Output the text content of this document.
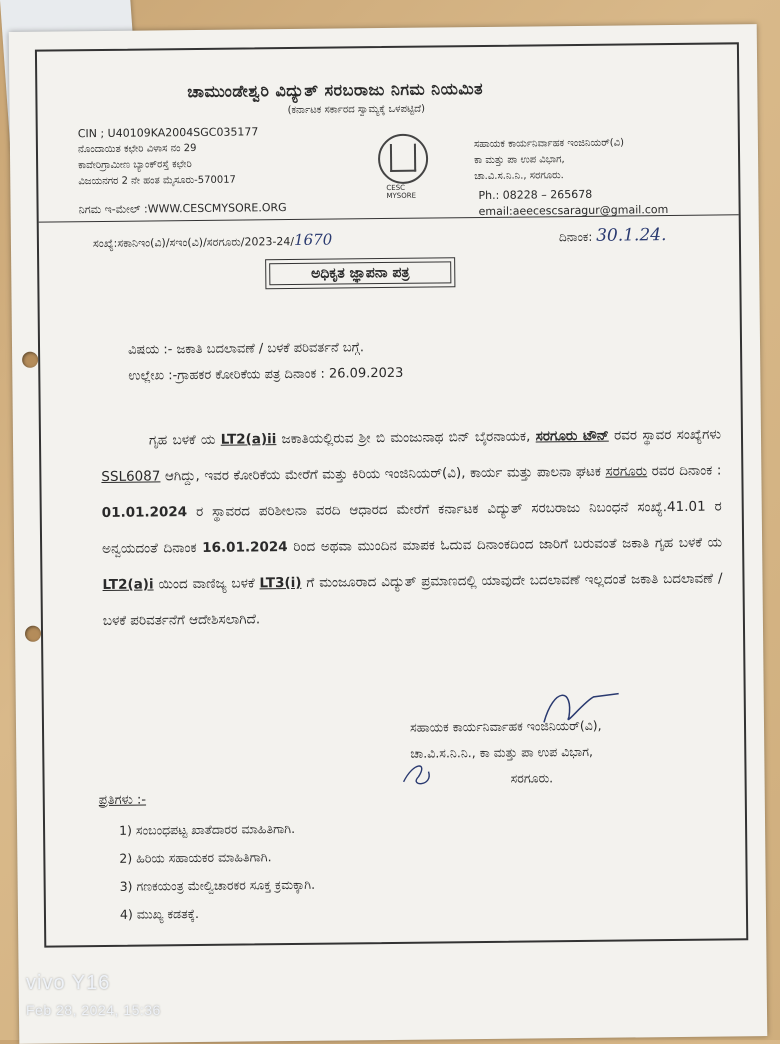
ಚಾಮುಂಡೇಶ್ವರಿ ವಿದ್ಯುತ್ ಸರಬರಾಜು ನಿಗಮ ನಿಯಮಿತ
(ಕರ್ನಾಟಕ ಸರ್ಕಾರದ ಸ್ವಾಮ್ಯಕ್ಕೆ ಒಳಪಟ್ಟಿದೆ)
CIN ; U40109KA2004SGC035177
ನೊಂದಾಯಿತ ಕಛೇರಿ ವಿಳಾಸ ನಂ 29
ಕಾವೇರಿಗ್ರಾಮೀಣ ಬ್ಯಾಂಕ್‌ರಸ್ತೆ ಕಛೇರಿ
ವಿಜಯನಗರ 2 ನೇ ಹಂತ ಮೈಸೂರು-570017
ನಿಗಮ ಇ-ಮೇಲ್ :WWW.CESCMYSORE.ORG
CESC MYSORE
ಸಹಾಯಕ ಕಾರ್ಯನಿರ್ವಾಹಕ ಇಂಜಿನಿಯರ್(ವಿ)
ಕಾ ಮತ್ತು ಪಾ ಉಪ ವಿಭಾಗ,
ಚಾ.ವಿ.ಸ.ನಿ.ನಿ., ಸರಗೂರು.
Ph.: 08228 – 265678
email:aeecescsaragur@gmail.com
ಸಂಖ್ಯೆ:ಸಕಾನಿಇಂ(ವಿ)/ಸಇಂ(ವಿ)/ಸರಗೂರು/2023-24/1670	ದಿನಾಂಕ: 30.1.24.
ಅಧಿಕೃತ ಜ್ಞಾಪನಾ ಪತ್ರ
ವಿಷಯ :- ಜಕಾತಿ ಬದಲಾವಣೆ / ಬಳಕೆ ಪರಿವರ್ತನೆ ಬಗ್ಗೆ.
ಉಲ್ಲೇಖ :-ಗ್ರಾಹಕರ ಕೋರಿಕೆಯ ಪತ್ರ ದಿನಾಂಕ : 26.09.2023
ಗೃಹ ಬಳಕೆ ಯ LT2(a)ii ಜಕಾತಿಯಲ್ಲಿರುವ ಶ್ರೀ ಬಿ ಮಂಜುನಾಥ ಬಿನ್ ಬೈರನಾಯಕ, ಸರಗೂರು ಟೌನ್ ರವರ ಸ್ಥಾವರ ಸಂಖ್ಯೆಗಳು SSL6087 ಆಗಿದ್ದು, ಇವರ ಕೋರಿಕೆಯ ಮೇರೆಗೆ ಮತ್ತು ಕಿರಿಯ ಇಂಜಿನಿಯರ್(ವಿ), ಕಾರ್ಯ ಮತ್ತು ಪಾಲನಾ ಘಟಕ ಸರಗೂರು ರವರ ದಿನಾಂಕ : 01.01.2024 ರ ಸ್ಥಾವರದ ಪರಿಶೀಲನಾ ವರದಿ ಆಧಾರದ ಮೇರೆಗೆ ಕರ್ನಾಟಕ ವಿದ್ಯುತ್ ಸರಬರಾಜು ನಿಬಂಧನೆ ಸಂಖ್ಯೆ.41.01 ರ ಅನ್ವಯದಂತೆ ದಿನಾಂಕ 16.01.2024 ರಿಂದ ಅಥವಾ ಮುಂದಿನ ಮಾಪಕ ಓದುವ ದಿನಾಂಕದಿಂದ ಜಾರಿಗೆ ಬರುವಂತೆ ಜಕಾತಿ ಗೃಹ ಬಳಕೆ ಯ LT2(a)i ಯಿಂದ ವಾಣಿಜ್ಯ ಬಳಕೆ LT3(i) ಗೆ ಮಂಜೂರಾದ ವಿದ್ಯುತ್ ಪ್ರಮಾಣದಲ್ಲಿ ಯಾವುದೇ ಬದಲಾವಣೆ ಇಲ್ಲದಂತೆ ಜಕಾತಿ ಬದಲಾವಣೆ / ಬಳಕೆ ಪರಿವರ್ತನೆಗೆ ಆದೇಶಿಸಲಾಗಿದೆ.
ಸಹಾಯಕ ಕಾರ್ಯನಿರ್ವಾಹಕ ಇಂಜಿನಿಯರ್(ವಿ),
ಚಾ.ವಿ.ಸ.ನಿ.ನಿ., ಕಾ ಮತ್ತು ಪಾ ಉಪ ವಿಭಾಗ,
ಸರಗೂರು.
ಪ್ರತಿಗಳು :-
1) ಸಂಬಂಧಪಟ್ಟ ಖಾತೆದಾರರ ಮಾಹಿತಿಗಾಗಿ.
2) ಹಿರಿಯ ಸಹಾಯಕರ ಮಾಹಿತಿಗಾಗಿ.
3) ಗಣಕಯಂತ್ರ ಮೇಲ್ವಿಚಾರಕರ ಸೂಕ್ತ ಕ್ರಮಕ್ಕಾಗಿ.
4) ಮುಖ್ಯ ಕಡತಕ್ಕೆ.
vivo Y16
Feb 28, 2024, 15:36
